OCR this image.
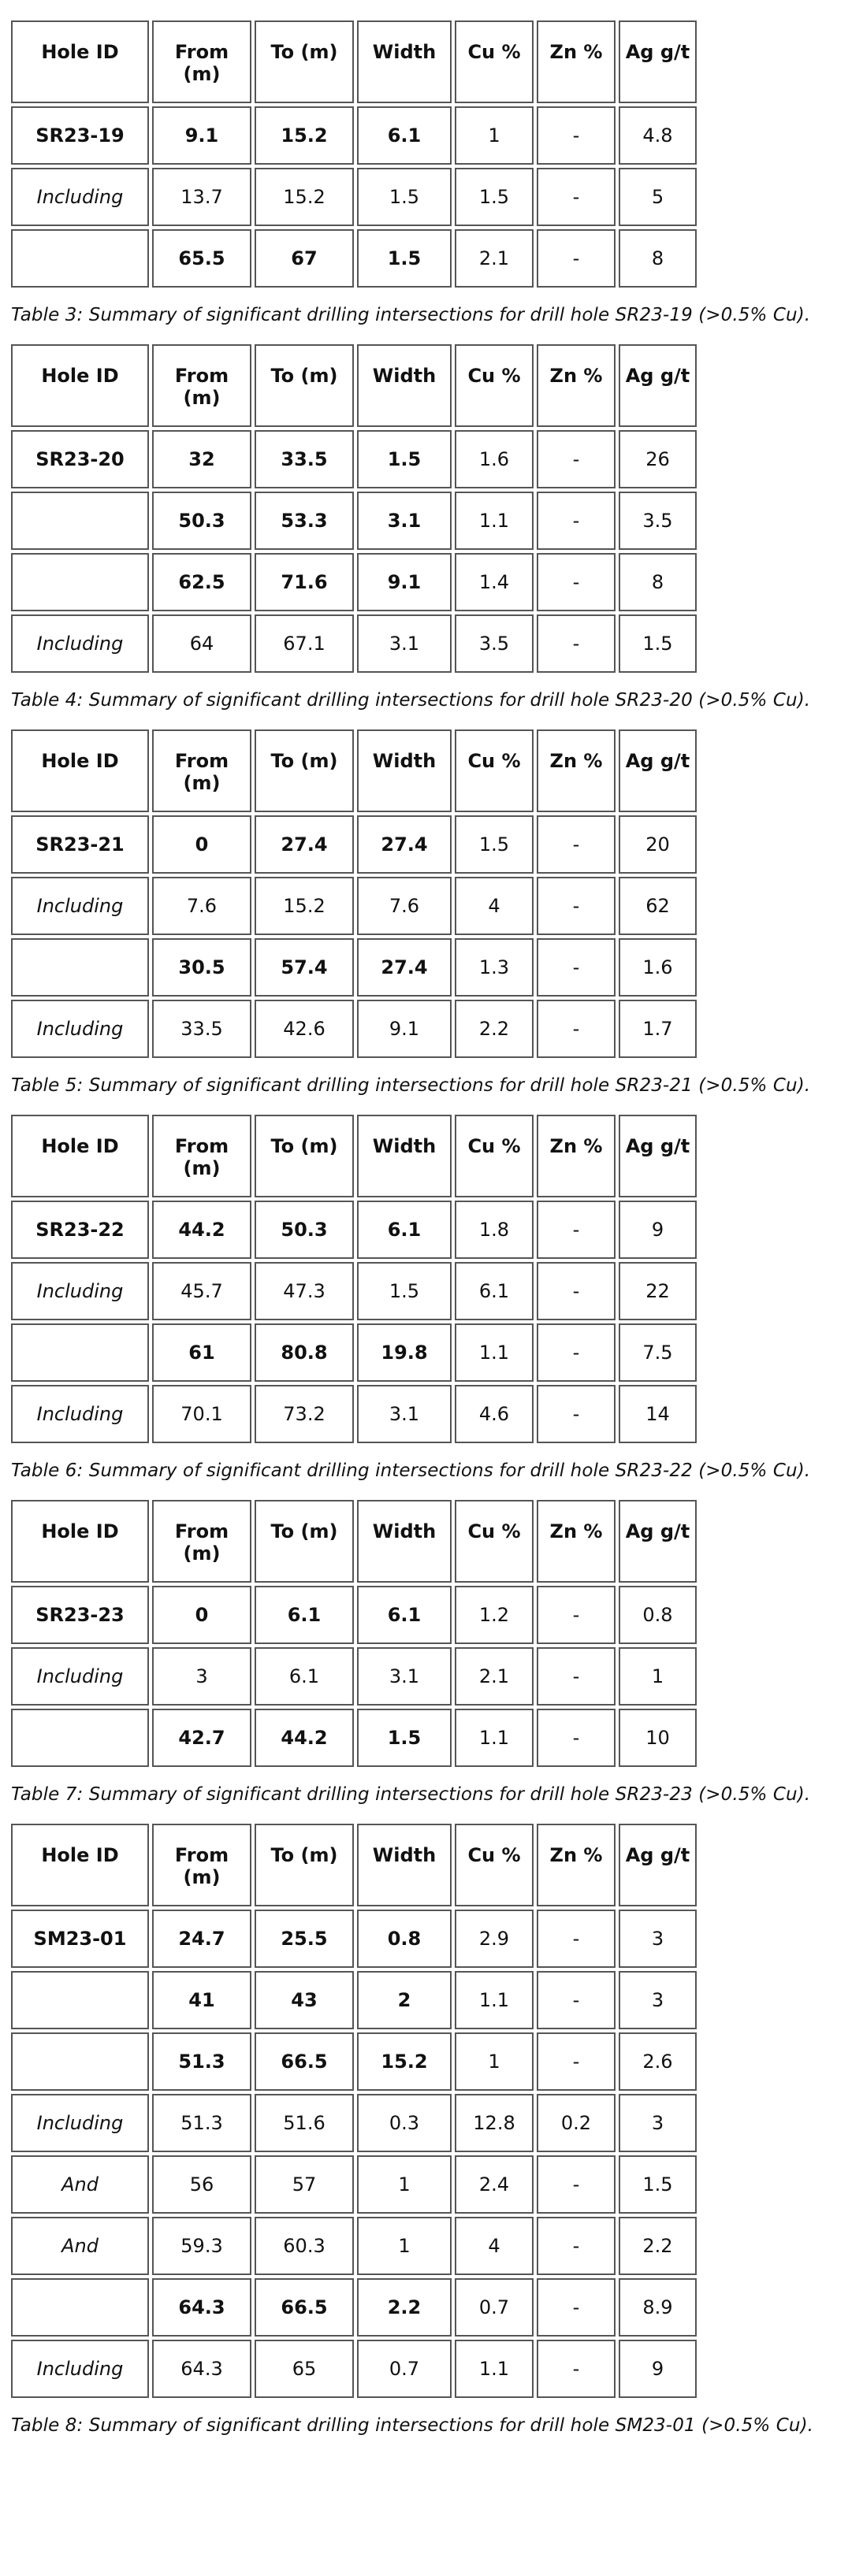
Hole ID	From (m)	To (m)	Width	Cu %	Zn %	Ag g/t
SR23-19	9.1	15.2	6.1	1	-	4.8
Including	13.7	15.2	1.5	1.5	-	5
	65.5	67	1.5	2.1	-	8
Table 3: Summary of significant drilling intersections for drill hole SR23-19 (>0.5% Cu).
Hole ID	From (m)	To (m)	Width	Cu %	Zn %	Ag g/t
SR23-20	32	33.5	1.5	1.6	-	26
	50.3	53.3	3.1	1.1	-	3.5
	62.5	71.6	9.1	1.4	-	8
Including	64	67.1	3.1	3.5	-	1.5
Table 4: Summary of significant drilling intersections for drill hole SR23-20 (>0.5% Cu).
Hole ID	From (m)	To (m)	Width	Cu %	Zn %	Ag g/t
SR23-21	0	27.4	27.4	1.5	-	20
Including	7.6	15.2	7.6	4	-	62
	30.5	57.4	27.4	1.3	-	1.6
Including	33.5	42.6	9.1	2.2	-	1.7
Table 5: Summary of significant drilling intersections for drill hole SR23-21 (>0.5% Cu).
Hole ID	From (m)	To (m)	Width	Cu %	Zn %	Ag g/t
SR23-22	44.2	50.3	6.1	1.8	-	9
Including	45.7	47.3	1.5	6.1	-	22
	61	80.8	19.8	1.1	-	7.5
Including	70.1	73.2	3.1	4.6	-	14
Table 6: Summary of significant drilling intersections for drill hole SR23-22 (>0.5% Cu).
Hole ID	From (m)	To (m)	Width	Cu %	Zn %	Ag g/t
SR23-23	0	6.1	6.1	1.2	-	0.8
Including	3	6.1	3.1	2.1	-	1
	42.7	44.2	1.5	1.1	-	10
Table 7: Summary of significant drilling intersections for drill hole SR23-23 (>0.5% Cu).
Hole ID	From (m)	To (m)	Width	Cu %	Zn %	Ag g/t
SM23-01	24.7	25.5	0.8	2.9	-	3
	41	43	2	1.1	-	3
	51.3	66.5	15.2	1	-	2.6
Including	51.3	51.6	0.3	12.8	0.2	3
And	56	57	1	2.4	-	1.5
And	59.3	60.3	1	4	-	2.2
	64.3	66.5	2.2	0.7	-	8.9
Including	64.3	65	0.7	1.1	-	9
Table 8: Summary of significant drilling intersections for drill hole SM23-01 (>0.5% Cu).
